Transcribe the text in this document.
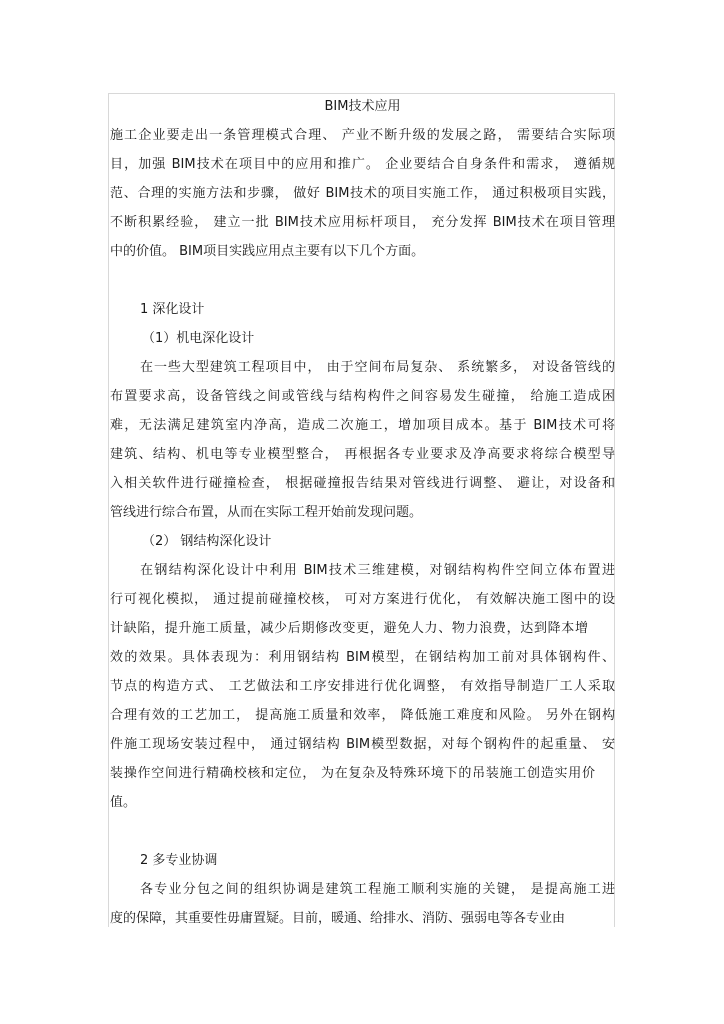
BIM技术应用
施工企业要走出一条管理模式合理、 产业不断升级的发展之路， 需要结合实际项
目，加强 BIM技术在项目中的应用和推广。 企业要结合自身条件和需求， 遵循规
范、合理的实施方法和步骤， 做好 BIM技术的项目实施工作， 通过积极项目实践，
不断积累经验， 建立一批 BIM技术应用标杆项目， 充分发挥 BIM技术在项目管理
中的价值。 BIM项目实践应用点主要有以下几个方面。
1 深化设计
（1）机电深化设计
在一些大型建筑工程项目中， 由于空间布局复杂、 系统繁多， 对设备管线的
布置要求高，设备管线之间或管线与结构构件之间容易发生碰撞， 给施工造成困
难，无法满足建筑室内净高，造成二次施工，增加项目成本。基于 BIM技术可将
建筑、结构、机电等专业模型整合， 再根据各专业要求及净高要求将综合模型导
入相关软件进行碰撞检查， 根据碰撞报告结果对管线进行调整、 避让，对设备和
管线进行综合布置，从而在实际工程开始前发现问题。
（2） 钢结构深化设计
在钢结构深化设计中利用 BIM技术三维建模，对钢结构构件空间立体布置进
行可视化模拟， 通过提前碰撞校核， 可对方案进行优化， 有效解决施工图中的设
计缺陷，提升施工质量，减少后期修改变更，避免人力、物力浪费，达到降本增
效的效果。具体表现为：利用钢结构 BIM模型，在钢结构加工前对具体钢构件、
节点的构造方式、 工艺做法和工序安排进行优化调整， 有效指导制造厂工人采取
合理有效的工艺加工， 提高施工质量和效率， 降低施工难度和风险。 另外在钢构
件施工现场安装过程中， 通过钢结构 BIM模型数据，对每个钢构件的起重量、 安
装操作空间进行精确校核和定位， 为在复杂及特殊环境下的吊装施工创造实用价
值。
2 多专业协调
各专业分包之间的组织协调是建筑工程施工顺利实施的关键， 是提高施工进
度的保障，其重要性毋庸置疑。目前，暖通、给排水、消防、强弱电等各专业由
